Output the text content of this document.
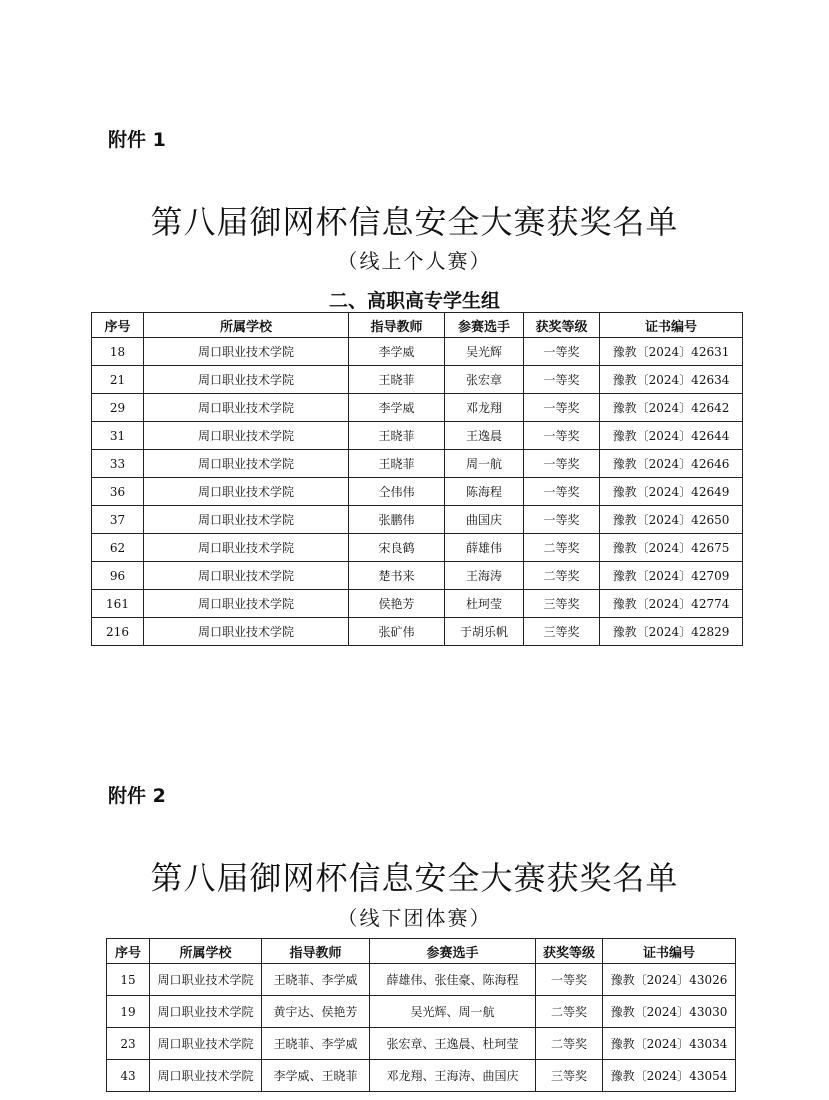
附件 1
第八届御网杯信息安全大赛获奖名单
（线上个人赛）
二、高职高专学生组
序号	所属学校	指导教师	参赛选手	获奖等级	证书编号
18	周口职业技术学院	李学威	吴光辉	一等奖	豫教〔2024〕42631
21	周口职业技术学院	王晓菲	张宏章	一等奖	豫教〔2024〕42634
29	周口职业技术学院	李学威	邓龙翔	一等奖	豫教〔2024〕42642
31	周口职业技术学院	王晓菲	王逸晨	一等奖	豫教〔2024〕42644
33	周口职业技术学院	王晓菲	周一航	一等奖	豫教〔2024〕42646
36	周口职业技术学院	仝伟伟	陈海程	一等奖	豫教〔2024〕42649
37	周口职业技术学院	张鹏伟	曲国庆	一等奖	豫教〔2024〕42650
62	周口职业技术学院	宋良鹤	薛雄伟	二等奖	豫教〔2024〕42675
96	周口职业技术学院	楚书来	王海涛	二等奖	豫教〔2024〕42709
161	周口职业技术学院	侯艳芳	杜珂莹	三等奖	豫教〔2024〕42774
216	周口职业技术学院	张矿伟	于胡乐帆	三等奖	豫教〔2024〕42829
附件 2
第八届御网杯信息安全大赛获奖名单
（线下团体赛）
序号	所属学校	指导教师	参赛选手	获奖等级	证书编号
15	周口职业技术学院	王晓菲、李学威	薛雄伟、张佳豪、陈海程	一等奖	豫教〔2024〕43026
19	周口职业技术学院	黄宇达、侯艳芳	吴光辉、周一航	二等奖	豫教〔2024〕43030
23	周口职业技术学院	王晓菲、李学威	张宏章、王逸晨、杜珂莹	二等奖	豫教〔2024〕43034
43	周口职业技术学院	李学威、王晓菲	邓龙翔、王海涛、曲国庆	三等奖	豫教〔2024〕43054
